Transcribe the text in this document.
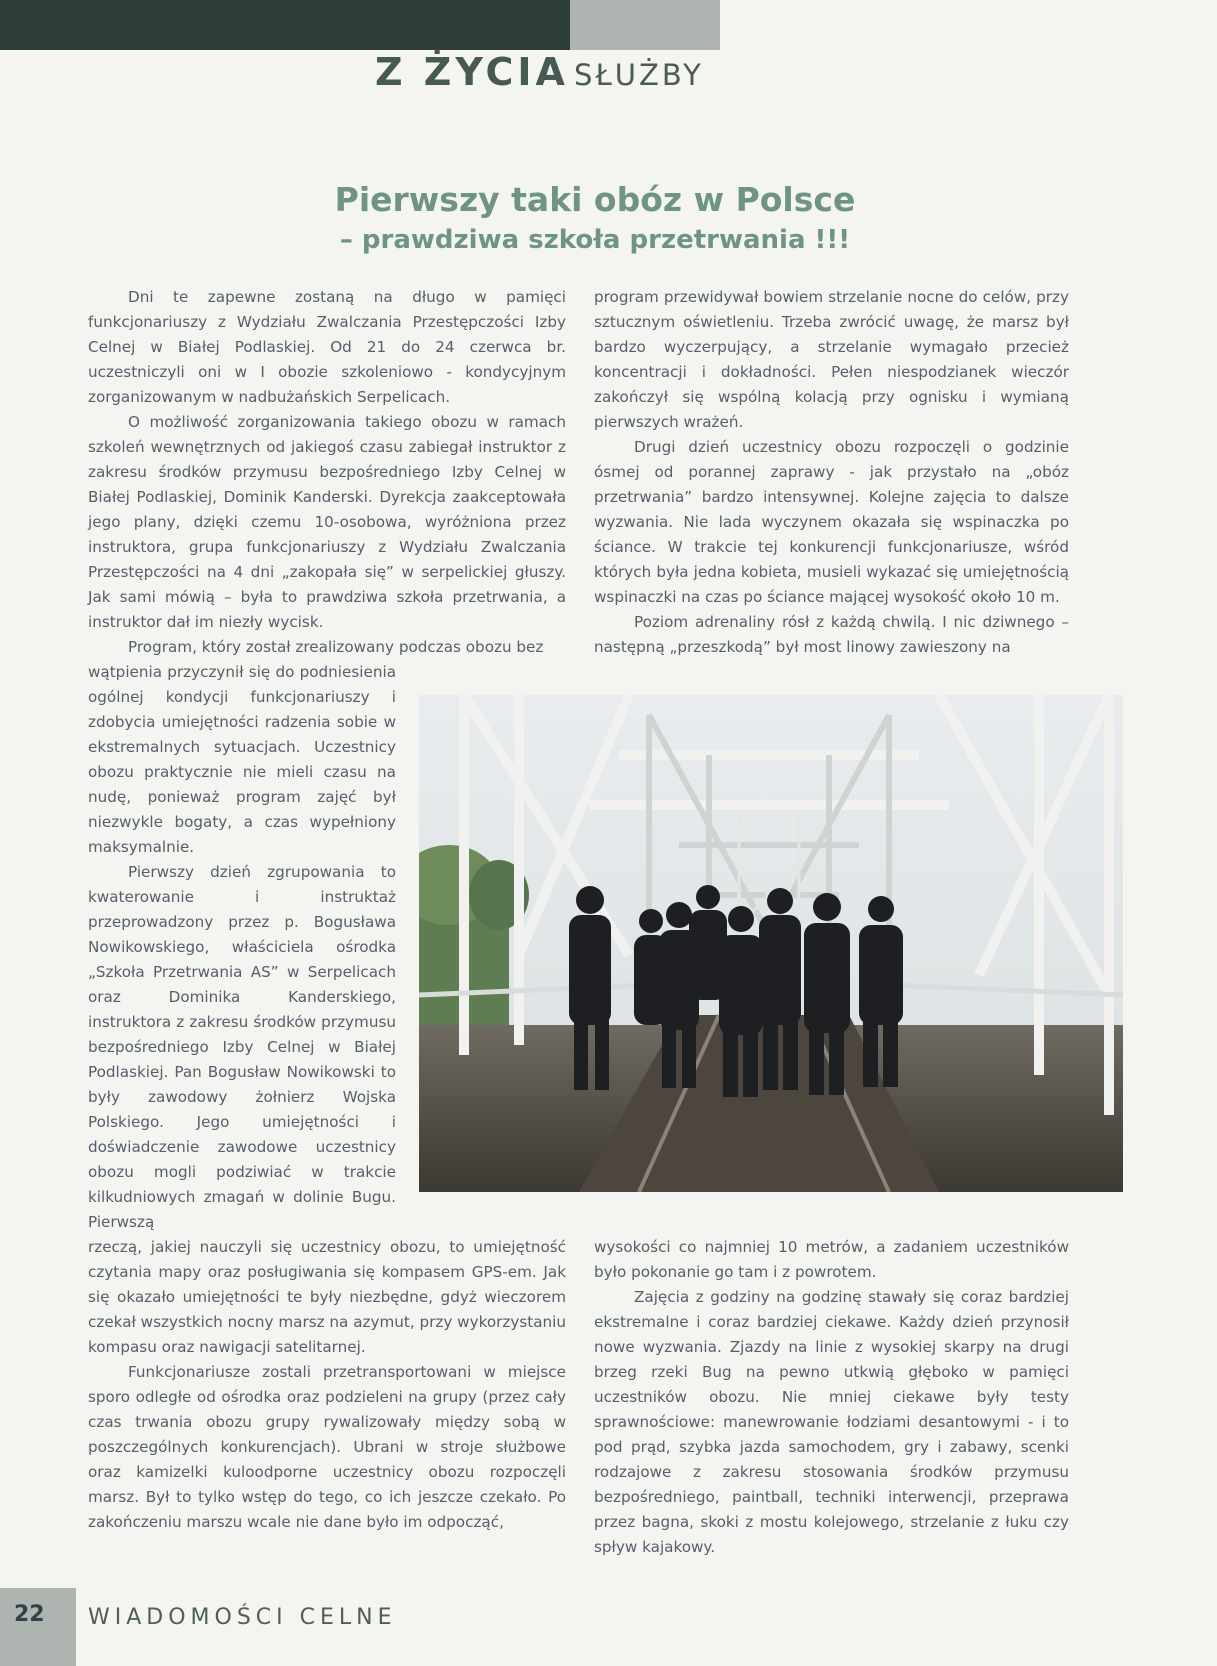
Z ŻYCIA SŁUŻBY
Pierwszy taki obóz w Polsce
– prawdziwa szkoła przetrwania !!!

Dni te zapewne zostaną na długo w pamięci funkcjonariuszy z Wydziału Zwalczania Przestępczości Izby Celnej w Białej Podlaskiej. Od 21 do 24 czerwca br. uczestniczyli oni w I obozie szkoleniowo - kondycyjnym zorganizowanym w nadbużańskich Serpelicach.

O możliwość zorganizowania takiego obozu w ramach szkoleń wewnętrznych od jakiegoś czasu zabiegał instruktor z zakresu środków przymusu bezpośredniego Izby Celnej w Białej Podlaskiej, Dominik Kanderski. Dyrekcja zaakceptowała jego plany, dzięki czemu 10-osobowa, wyróżniona przez instruktora, grupa funkcjonariuszy z Wydziału Zwalczania Przestępczości na 4 dni „zakopała się” w serpelickiej głuszy. Jak sami mówią – była to prawdziwa szkoła przetrwania, a instruktor dał im niezły wycisk.

Program, który został zrealizowany podczas obozu bez

wątpienia przyczynił się do podniesienia ogólnej kondycji funkcjonariuszy i zdobycia umiejętności radzenia sobie w ekstremalnych sytuacjach. Uczestnicy obozu praktycznie nie mieli czasu na nudę, ponieważ program zajęć był niezwykle bogaty, a czas wypełniony maksymalnie.

Pierwszy dzień zgrupowania to kwaterowanie i instruktaż przeprowadzony przez p. Bogusława Nowikowskiego, właściciela ośrodka „Szkoła Przetrwania AS” w Serpelicach oraz Dominika Kanderskiego, instruktora z zakresu środków przymusu bezpośredniego Izby Celnej w Białej Podlaskiej. Pan Bogusław Nowikowski to były zawodowy żołnierz Wojska Polskiego. Jego umiejętności i doświadczenie zawodowe uczestnicy obozu mogli podziwiać w trakcie kilkudniowych zmagań w dolinie Bugu. Pierwszą

rzeczą, jakiej nauczyli się uczestnicy obozu, to umiejętność czytania mapy oraz posługiwania się kompasem GPS-em. Jak się okazało umiejętności te były niezbędne, gdyż wieczorem czekał wszystkich nocny marsz na azymut, przy wykorzystaniu kompasu oraz nawigacji satelitarnej.

Funkcjonariusze zostali przetransportowani w miejsce sporo odległe od ośrodka oraz podzieleni na grupy (przez cały czas trwania obozu grupy rywalizowały między sobą w poszczególnych konkurencjach). Ubrani w stroje służbowe oraz kamizelki kuloodporne uczestnicy obozu rozpoczęli marsz. Był to tylko wstęp do tego, co ich jeszcze czekało. Po zakończeniu marszu wcale nie dane było im odpocząć,

program przewidywał bowiem strzelanie nocne do celów, przy sztucznym oświetleniu. Trzeba zwrócić uwagę, że marsz był bardzo wyczerpujący, a strzelanie wymagało przecież koncentracji i dokładności. Pełen niespodzianek wieczór zakończył się wspólną kolacją przy ognisku i wymianą pierwszych wrażeń.

Drugi dzień uczestnicy obozu rozpoczęli o godzinie ósmej od porannej zaprawy - jak przystało na „obóz przetrwania” bardzo intensywnej. Kolejne zajęcia to dalsze wyzwania. Nie lada wyczynem okazała się wspinaczka po ściance. W trakcie tej konkurencji funkcjonariusze, wśród których była jedna kobieta, musieli wykazać się umiejętnością wspinaczki na czas po ściance mającej wysokość około 10 m.

Poziom adrenaliny rósł z każdą chwilą. I nic dziwnego – następną „przeszkodą” był most linowy zawieszony na

wysokości co najmniej 10 metrów, a zadaniem uczestników było pokonanie go tam i z powrotem.

Zajęcia z godziny na godzinę stawały się coraz bardziej ekstremalne i coraz bardziej ciekawe. Każdy dzień przynosił nowe wyzwania. Zjazdy na linie z wysokiej skarpy na drugi brzeg rzeki Bug na pewno utkwią głęboko w pamięci uczestników obozu. Nie mniej ciekawe były testy sprawnościowe: manewrowanie łodziami desantowymi - i to pod prąd, szybka jazda samochodem, gry i zabawy, scenki rodzajowe z zakresu stosowania środków przymusu bezpośredniego, paintball, techniki interwencji, przeprawa przez bagna, skoki z mostu kolejowego, strzelanie z łuku czy spływ kajakowy.

22 WIADOMOŚCI CELNE
